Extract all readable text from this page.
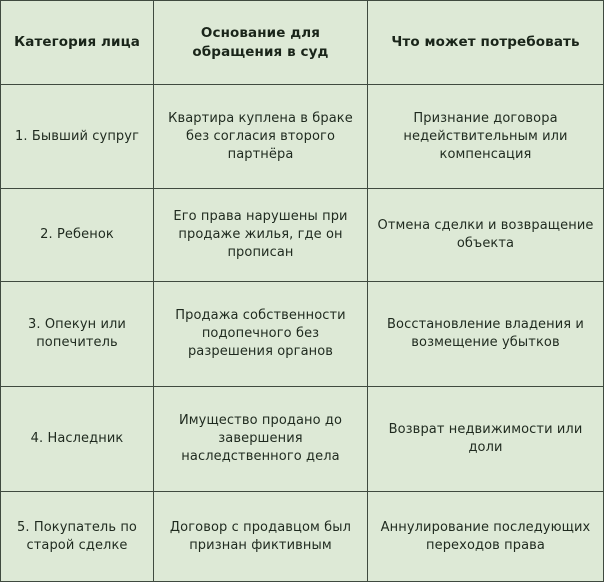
Категория лица	Основание для обращения в суд	Что может потребовать
1. Бывший супруг	Квартира куплена в браке без согласия второго партнёра	Признание договора недействительным или компенсация
2. Ребенок	Его права нарушены при продаже жилья, где он прописан	Отмена сделки и возвращение объекта
3. Опекун или попечитель	Продажа собственности подопечного без разрешения органов	Восстановление владения и возмещение убытков
4. Наследник	Имущество продано до завершения наследственного дела	Возврат недвижимости или доли
5. Покупатель по старой сделке	Договор с продавцом был признан фиктивным	Аннулирование последующих переходов права
